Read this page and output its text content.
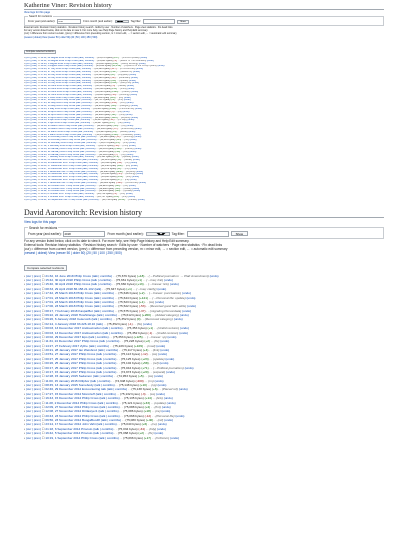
Katherine Viner: Revision history
View logs for this page
Search for revisions
From year (and earlier):
2018	From month (and earlier):
all	Tag filter:	Show
External tools: Revision history statistics · Revision history search · Edits by user · Number of watchers · Page view statistics · Fix dead links
For any version listed below, click on its date to view it. For more help, see Help:Page history and Help:Edit summary.
(cur) = difference from current version, (prev) = difference from preceding version, m = minor edit, → = section edit, ← = automatic edit summary
(newest | oldest) View (newer 50 | older 50) (20 | 50 | 100 | 250 | 500)
Compare selected revisions
• (cur | prev) ☐ 14:11, 22 August 2018 Philip Cross (talk | contribs) . . (13,878 bytes) (+37) . . (infobox update) (undo)
• (cur | prev) ☐ 14:11, 16 August 2018 Philip Cross (talk | contribs) . . (13,841 bytes) (-4) . . (Editor of The Guardian) (undo)
• (cur | prev) ☐ 12:43, 5 August 2018 Philip Cross (talk | contribs) . . (13,845 bytes) (+30) . . (clarify wording) (undo)
• (cur | prev) ☐ 11:21, 5 August 2018 Philip Cross (talk | contribs) . . (13,815 bytes) (+1,219) . . (Opinions of the Corbyn years) (undo)
• (cur | prev) ☐ 20:43, 27 July 2018 Philip Cross (talk | contribs) . . (12,596 bytes) (-117) . . (rv unsourced) (undo)
• (cur | prev) ☐ 20:36, 27 July 2018 Philip Cross (talk | contribs) . . (12,713 bytes) (+117) . . (added ref) (undo)
• (cur | prev) ☐ 17:43, 20 July 2018 Philip Cross (talk | contribs) . . (12,596 bytes) (+8) . . (copyedit) (undo)
• (cur | prev) ☐ 09:12, 19 July 2018 Philip Cross (talk | contribs) . . (12,588 bytes) (-62) . . (Guardian) (undo)
• (cur | prev) ☐ 22:08, 14 July 2018 Philip Cross (talk | contribs) . . (12,650 bytes) (+24) . . (update) (undo)
• (cur | prev) ☐ 21:43, 14 July 2018 Philip Cross (talk | contribs) . . (12,626 bytes) (+311) . . (Early life) (undo)
• (cur | prev) ☐ 18:09, 30 June 2018 Philip Cross (talk | contribs) . . (12,315 bytes) (-3) . . (tweak) (undo)
• (cur | prev) ☐ 16:56, 24 June 2018 Philip Cross (talk | contribs) . . (12,318 bytes) (+55) . . (links) (undo)
• (cur | prev) ☐ 15:10, 24 June 2018 Philip Cross (talk | contribs) . . (12,263 bytes) (+420) . . (Career) (undo)
• (cur | prev) ☐ 09:40, 12 June 2018 Philip Cross (talk | contribs) . . (11,843 bytes) (-18) . . (wording) (undo)
• (cur | prev) ☐ 21:08, 3 June 2018 Philip Cross (talk | contribs) . . (11,861 bytes) (+94) . . (ref) (undo)
• (cur | prev) ☐ 19:47, 28 May 2018 Philip Cross (talk | contribs) . . (11,767 bytes) (+6) . . (fmt) (undo)
• (cur | prev) ☐ 17:25, 21 May 2018 Philip Cross (talk | contribs) . . (11,761 bytes) (-240) . . (trim) (undo)
• (cur | prev) ☐ 12:51, 14 May 2018 Philip Cross (talk | contribs) . . (12,001 bytes) (+38) . . (category) (undo)
• (cur | prev) ☐ 10:13, 6 May 2018 Philip Cross (talk | contribs) . . (11,963 bytes) (+102) . . (Personal life) (undo)
• (cur | prev) ☐ 20:32, 29 April 2018 Philip Cross (talk | contribs) . . (11,861 bytes) (-5) . . (ce) (undo)
• (cur | prev) ☐ 18:04, 22 April 2018 Philip Cross (talk | contribs) . . (11,866 bytes) (+21) . . (link) (undo)
• (cur | prev) ☐ 14:26, 15 April 2018 Philip Cross (talk | contribs) . . (11,845 bytes) (+410) . . (expand) (undo)
• (cur | prev) ☐ 09:55, 8 April 2018 Philip Cross (talk | contribs) . . (11,435 bytes) (-32) . . (rm dup) (undo)
• (cur | prev) ☐ 22:41, 1 April 2018 Philip Cross (talk | contribs) . . (11,467 bytes) (+57) . . (ref) (undo)
• (cur | prev) ☐ 16:18, 25 March 2018 Philip Cross (talk | contribs) . . (11,410 bytes) (+14) . . (ce) (undo)
• (cur | prev) ☐ 13:02, 18 March 2018 Philip Cross (talk | contribs) . . (11,396 bytes) (-87) . . (unsourced) (undo)
• (cur | prev) ☐ 11:37, 11 March 2018 Philip Cross (talk | contribs) . . (11,483 bytes) (+9) . . (tweak) (undo)
• (cur | prev) ☐ 19:49, 4 March 2018 Philip Cross (talk | contribs) . . (11,474 bytes) (+166) . . (Guardian) (undo)
• (cur | prev) ☐ 15:24, 25 February 2018 Philip Cross (talk | contribs) . . (11,308 bytes) (-11) . . (wording) (undo)
• (cur | prev) ☐ 10:09, 18 February 2018 Philip Cross (talk | contribs) . . (11,319 bytes) (+45) . . (ref) (undo)
• (cur | prev) ☐ 21:30, 11 February 2018 Philip Cross (talk | contribs) . . (11,274 bytes) (+3) . . (fmt) (undo)
• (cur | prev) ☐ 17:52, 4 February 2018 Philip Cross (talk | contribs) . . (11,271 bytes) (-60) . . (trim) (undo)
• (cur | prev) ☐ 14:16, 28 January 2018 Philip Cross (talk | contribs) . . (11,331 bytes) (+128) . . (Career) (undo)
• (cur | prev) ☐ 12:40, 21 January 2018 Philip Cross (talk | contribs) . . (11,203 bytes) (+19) . . (link) (undo)
• (cur | prev) ☐ 09:03, 14 January 2018 Philip Cross (talk | contribs) . . (11,184 bytes) (-7) . . (ce) (undo)
• (cur | prev) ☐ 20:27, 7 January 2018 Philip Cross (talk | contribs) . . (11,191 bytes) (+72) . . (update) (undo)
• (cur | prev) ☐ 18:11, 31 December 2017 Philip Cross (talk | contribs) . . (11,119 bytes) (+5) . . (tweak) (undo)
• (cur | prev) ☐ 15:58, 24 December 2017 Philip Cross (talk | contribs) . . (11,114 bytes) (-44) . . (rm) (undo)
• (cur | prev) ☐ 11:20, 17 December 2017 Philip Cross (talk | contribs) . . (11,158 bytes) (+88) . . (ref) (undo)
• (cur | prev) ☐ 09:47, 10 December 2017 Philip Cross (talk | contribs) . . (11,070 bytes) (+2) . . (fmt) (undo)
• (cur | prev) ☐ 22:05, 3 December 2017 Philip Cross (talk | contribs) . . (11,068 bytes) (+240) . . (expand) (undo)
• (cur | prev) ☐ 19:36, 26 November 2017 Philip Cross (talk | contribs) . . (10,828 bytes) (-15) . . (wording) (undo)
• (cur | prev) ☐ 16:14, 19 November 2017 Philip Cross (talk | contribs) . . (10,843 bytes) (+33) . . (link) (undo)
• (cur | prev) ☐ 13:45, 12 November 2017 Philip Cross (talk | contribs) . . (10,810 bytes) (+7) . . (ce) (undo)
• (cur | prev) ☐ 10:30, 5 November 2017 Philip Cross (talk | contribs) . . (10,803 bytes) (-120) . . (unsourced) (undo)
• (cur | prev) ☐ 21:12, 29 October 2017 Philip Cross (talk | contribs) . . (10,923 bytes) (+61) . . (ref) (undo)
• (cur | prev) ☐ 17:48, 22 October 2017 Philip Cross (talk | contribs) . . (10,862 bytes) (+10) . . (tweak) (undo)
• (cur | prev) ☐ 14:02, 15 October 2017 Philip Cross (talk | contribs) . . (10,852 bytes) (+98) . . (update) (undo)
• (cur | prev) ☐ 11:25, 8 October 2017 Philip Cross (talk | contribs) . . (10,754 bytes) (-3) . . (fmt) (undo)
• (cur | prev) ☐ 08:59, 1 October 2017 Philip Cross (talk | contribs) . . (10,757 bytes) (+25) . . (link) (undo)
• (cur | prev) ☐ 20:41, 24 September 2017 Philip Cross (talk | contribs) . . (10,732 bytes) (+150) . . (Career) (undo)
David Aaronovitch: Revision history
View logs for this page
Search for revisions
From year (and earlier):
2018	From month (and earlier):
all	Tag filter:	Show
For any version listed below, click on its date to view it. For more help, see Help:Page history and Help:Edit summary.
External tools: Revision history statistics · Revision history search · Edits by user · Number of watchers · Page view statistics · Fix dead links
(cur) = difference from current version, (prev) = difference from preceding version, m = minor edit, → = section edit, ← = automatic edit summary
(newest | oldest) View (newer 50 | older 50) (20 | 50 | 100 | 250 | 500)
Compare selected revisions
• (cur | prev) ☐ 21:32, 16 June 2018 Philip Cross (talk | contribs) . . (75,679 bytes) (+18) . . (→Political journalism: → Platt Amendment) (undo)
• (cur | prev) ☐ 15:42, 30 April 2018 Philip Cross (talk | contribs) . . (75,661 bytes) (+1) . . (→Iraq: link) (undo)
• (cur | prev) ☐ 15:40, 30 April 2018 Philip Cross (talk | contribs) . . (75,660 bytes) (+13) . . (→Career: link) (undo)
• (cur | prev) ☐ 08:33, 29 April 2018 86.158.21.102 (talk) . . (75,647 bytes) (+1) . . (→Iraq: clarify) (undo)
• (cur | prev) ☐ 17:42, 25 March 2018 Philip Cross (talk | contribs) . . (75,646 bytes) (+2) . . (→Career: punctuation) (undo)
• (cur | prev) ☐ 17:01, 23 March 2018 Philip Cross (talk | contribs) . . (75,644 bytes) (+121) . . (→Personal life: update) (undo)
• (cur | prev) ☐ 17:01, 23 March 2018 Philip Cross (talk | contribs) . . (75,523 bytes) (+1) . . (ce) (undo)
• (cur | prev) ☐ 17:00, 23 March 2018 Philip Cross (talk | contribs) . . (75,522 bytes) (-53) . . (Reverted good faith edits) (undo)
• (cur | prev) ☐ 08:17, 7 February 2018 KasparBot (talk | contribs) . . (75,575 bytes) (-37) . . (migrating Persondata) (undo)
• (cur | prev) ☐ 09:22, 22 January 2018 HowStrange (talk | contribs) . . (75,612 bytes) (+260) . . (Added category) (undo)
• (cur | prev) ☐ 09:26, 6 January 2018 Celecoxib (talk | contribs) . . (75,352 bytes) (0) . . (Removed category) (undo)
• (cur | prev) ☐ 02:14, 4 January 2018 93.226.18.10 (talk) . . (75,352 bytes) (-1) . . (fix) (undo)
• (cur | prev) ☐ 00:03, 13 December 2017 Andrewmellon (talk | contribs) . . (75,353 bytes) (+1) . . (Undid revision) (undo)
• (cur | prev) ☐ 00:03, 13 December 2017 Andrewmellon (talk | contribs) . . (75,352 bytes) (-1) . . (Undid revision) (undo)
• (cur | prev) ☐ 10:02, 29 December 2017 Epo (talk | contribs) . . (75,353 bytes) (+125) . . (→Career: sp) (undo)
• (cur | prev) ☐ 11:34, 24 December 2017 Philip Cross (talk | contribs) . . (75,228 bytes) (+2) . . (fix) (undo)
• (cur | prev) ☐ 14:27, 27 February 2017 Zythe (talk | contribs) . . (75,226 bytes) (+109) . . (mod) (undo)
• (cur | prev) ☐ 20:21, 28 January 2017 Ian Weisbrod (talk | contribs) . . (75,117 bytes) (+4) . . (link) (undo)
• (cur | prev) ☐ 23:51, 27 January 2017 Philip Cross (talk | contribs) . . (75,113 bytes) (-12) . . (ce) (undo)
• (cur | prev) ☐ 00:27, 25 January 2017 Philip Cross (talk | contribs) . . (75,125 bytes) (+23) . . (update) (undo)
• (cur | prev) ☐ 00:26, 25 January 2017 Philip Cross (talk | contribs) . . (75,102 bytes) (+58) . . (ref) (undo)
• (cur | prev) ☐ 00:17, 25 January 2017 Philip Cross (talk | contribs) . . (75,044 bytes) (+71) . . (→Political journalism) (undo)
• (cur | prev) ☐ 10:17, 15 January 2017 Philip Cross (talk | contribs) . . (74,973 bytes) (+20) . . (expand) (undo)
• (cur | prev) ☐ 12:28, 15 January 2015 Sedamon (talk | contribs) . . (74,953 bytes) (+5) . . (ce) (undo)
• (cur | prev) ☐ 11:00, 15 January 2015 Fillipbor (talk | contribs) . . (74,948 bytes) (-200) . . (rm) (undo)
• (cur | prev) ☐ 08:45, 13 January 2015 Somebody (talk | contribs) . . (75,148 bytes) (+10) . . (sp) (undo)
• (cur | prev) ☐ 02:46, 29 December 2014 Encountering talk (talk | contribs) . . (75,138 bytes) (+6) . . (Placed ref) (undo)
• (cur | prev) ☐ 17:27, 15 December 2014 Moncrieff (talk | contribs) . . (75,132 bytes) (-3) . . (ce) (undo)
• (cur | prev) ☐ 16:43, 15 December 2014 Philip Cross (talk | contribs) . . (75,135 bytes) (+14) . . (link) (undo)
• (cur | prev) ☐ 11:28, 2 December 2014 Philip Cross (talk | contribs) . . (75,121 bytes) (+33) . . (update) (undo)
• (cur | prev) ☐ 22:09, 27 November 2014 Philip Cross (talk | contribs) . . (75,088 bytes) (+2) . . (fmt) (undo)
• (cur | prev) ☐ 12:08, 27 November 2014 Dirtlawyer1 (talk | contribs) . . (75,086 bytes) (+18) . . (ce) (undo)
• (cur | prev) ☐ 20:43, 23 November 2014 Philip Cross (talk | contribs) . . (75,068 bytes) (-12) . . (Personal life) (undo)
• (cur | prev) ☐ 06:56, 23 November 2014 BoogaBoo48 (talk | contribs) . . (75,080 bytes) (+40) . . (ref) (undo)
• (cur | prev) ☐ 23:14, 17 November 2014 John Vahi (talk | contribs) . . (75,040 bytes) (+6) . . (ce) (undo)
• (cur | prev) ☐ 21:18, 6 September 2014 Piroculo (talk | contribs) . . (75,034 bytes) (-34) . . (tidy) (undo)
• (cur | prev) ☐ 16:42, 5 September 2014 Piroculo (talk | contribs) . . (75,068 bytes) (+2) . . (fix) (undo)
• (cur | prev) ☐ 10:19, 1 September 2014 Philip Cross (talk | contribs) . . (75,066 bytes) (+17) . . (Criticism) (undo)
